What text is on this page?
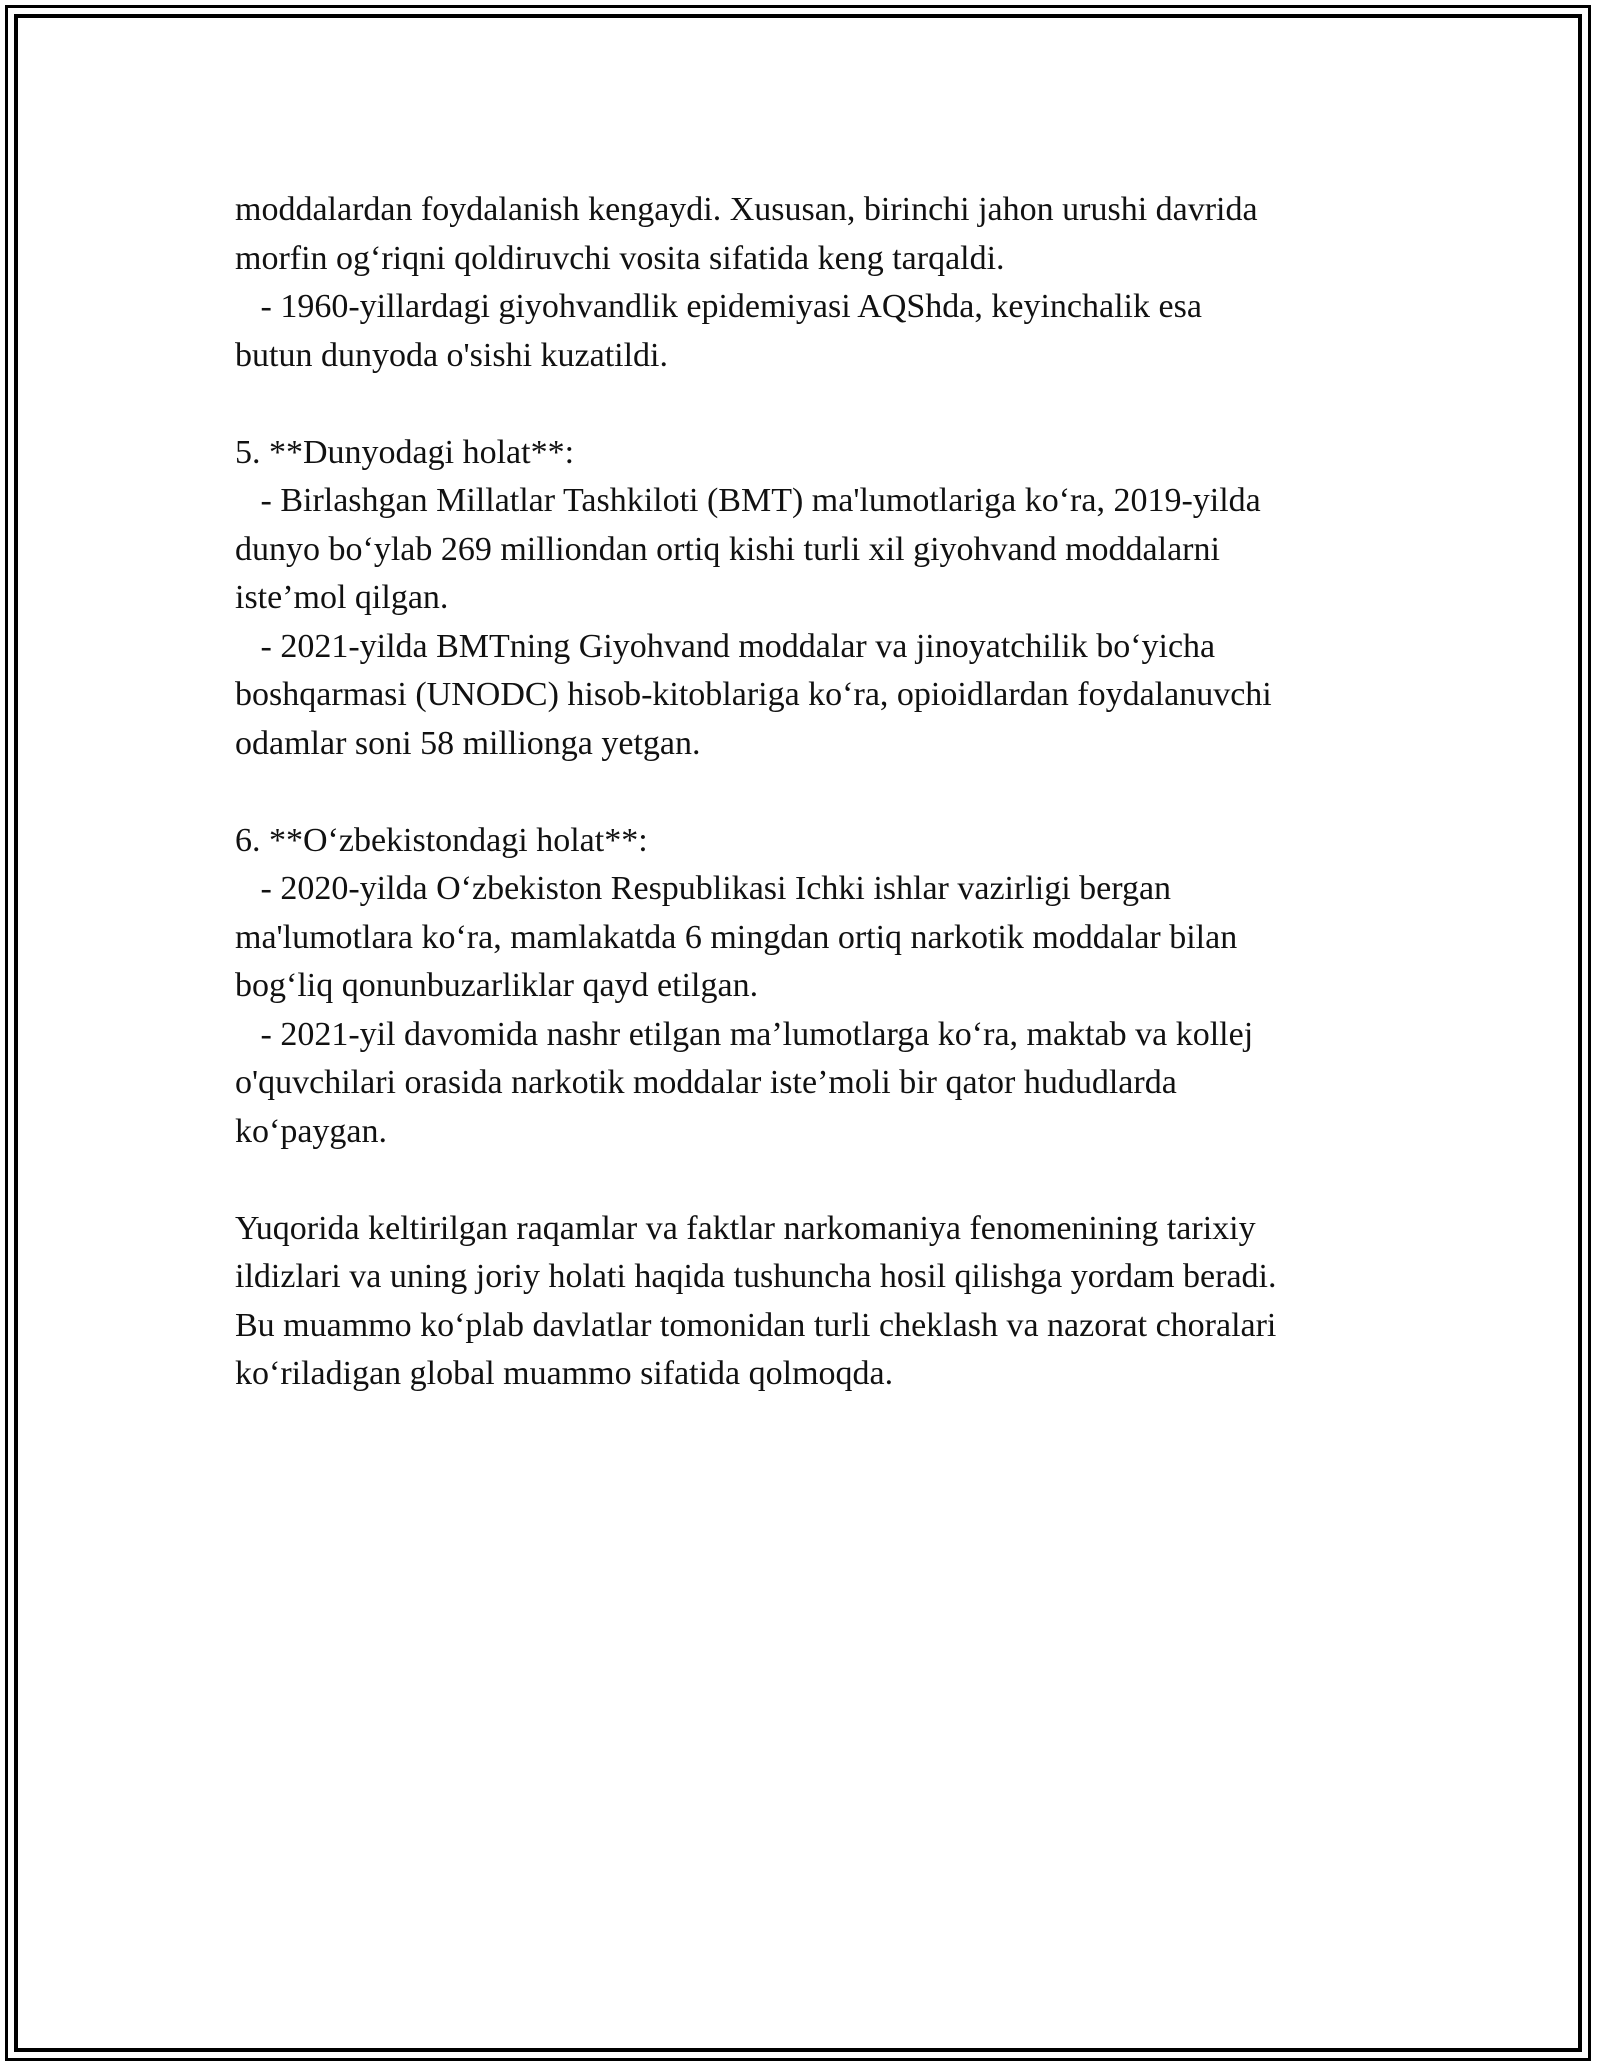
moddalardan foydalanish kengaydi. Xususan, birinchi jahon urushi davrida
morfin og‘riqni qoldiruvchi vosita sifatida keng tarqaldi.
- 1960-yillardagi giyohvandlik epidemiyasi AQShda, keyinchalik esa
butun dunyoda o'sishi kuzatildi.
5. **Dunyodagi holat**:
- Birlashgan Millatlar Tashkiloti (BMT) ma'lumotlariga ko‘ra, 2019-yilda
dunyo bo‘ylab 269 milliondan ortiq kishi turli xil giyohvand moddalarni
iste’mol qilgan.
- 2021-yilda BMTning Giyohvand moddalar va jinoyatchilik bo‘yicha
boshqarmasi (UNODC) hisob-kitoblariga ko‘ra, opioidlardan foydalanuvchi
odamlar soni 58 millionga yetgan.
6. **O‘zbekistondagi holat**:
- 2020-yilda O‘zbekiston Respublikasi Ichki ishlar vazirligi bergan
ma'lumotlara ko‘ra, mamlakatda 6 mingdan ortiq narkotik moddalar bilan
bog‘liq qonunbuzarliklar qayd etilgan.
- 2021-yil davomida nashr etilgan ma’lumotlarga ko‘ra, maktab va kollej
o'quvchilari orasida narkotik moddalar iste’moli bir qator hududlarda
ko‘paygan.
Yuqorida keltirilgan raqamlar va faktlar narkomaniya fenomenining tarixiy
ildizlari va uning joriy holati haqida tushuncha hosil qilishga yordam beradi.
Bu muammo ko‘plab davlatlar tomonidan turli cheklash va nazorat choralari
ko‘riladigan global muammo sifatida qolmoqda.
